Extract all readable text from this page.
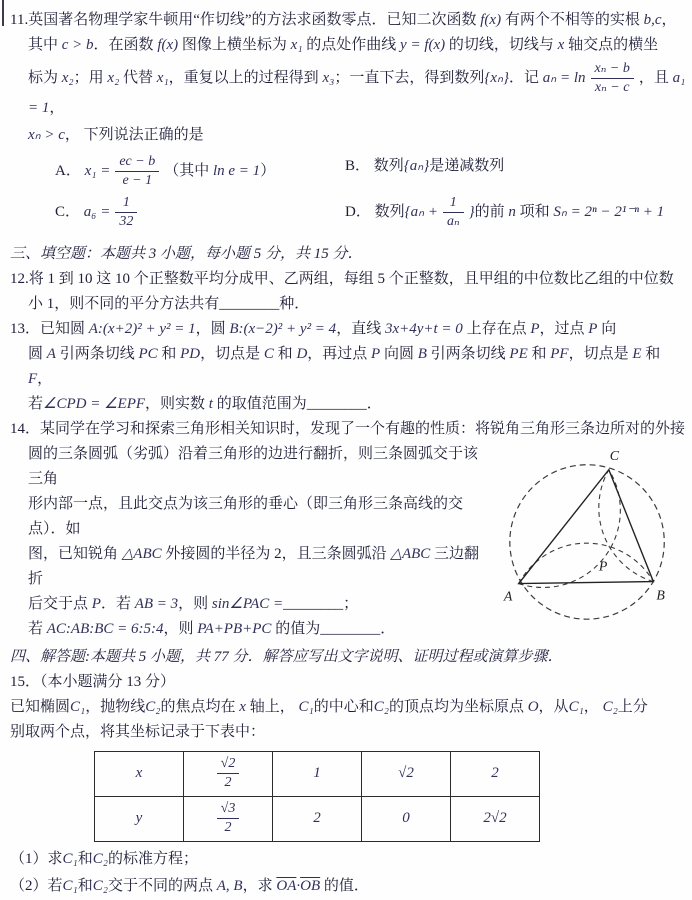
11.英国著名物理学家牛顿用“作切线”的方法求函数零点．已知二次函数 f(x) 有两个不相等的实根 b,c，
其中 c > b．在函数 f(x) 图像上横坐标为 x₁ 的点处作曲线 y = f(x) 的切线，切线与 x 轴交点的横坐
标为 x₂；用 x₂ 代替 x₁，重复以上的过程得到 x₃；一直下去，得到数列{xₙ}．记 $a_n = \ln \frac{\text{xₙ − b}}{\text{xₙ − c}}$ ，且 a₁ = 1，
xₙ > c， 下列说法正确的是
A． $x_1 = \frac{ec - b}{e - 1}$ （其中 ln e = 1）	B． 数列{aₙ}是递减数列
C． $a_6 = \frac{1}{32}$	D． 数列{$a_n + \frac{1}{\text{aₙ}}$ }的前 n 项和 Sₙ = 2ⁿ − 2¹⁻ⁿ + 1
三、填空题：本题共 3 小题，每小题 5 分，共 15 分．
12.将 1 到 10 这 10 个正整数平均分成甲、乙两组，每组 5 个正整数，且甲组的中位数比乙组的中位数
小 1，则不同的平分方法共有________种．
13．已知圆 A:(x+2)² + y² = 1，圆 B:(x−2)² + y² = 4，直线 3x+4y+t = 0 上存在点 P，过点 P 向
圆 A 引两条切线 PC 和 PD，切点是 C 和 D，再过点 P 向圆 B 引两条切线 PE 和 PF，切点是 E 和 F，
若∠CPD = ∠EPF，则实数 t 的取值范围为________．
14．某同学在学习和探索三角形相关知识时，发现了一个有趣的性质：将锐角三角形三条边所对的外接
A	B
C
P
圆的三条圆弧（劣弧）沿着三角形的边进行翻折，则三条圆弧交于该三角
形内部一点，且此交点为该三角形的垂心（即三角形三条高线的交点）．如
图，已知锐角 △ABC 外接圆的半径为 2，且三条圆弧沿 △ABC 三边翻折
后交于点 P．若 AB = 3，则 sin∠PAC =________；
若 AC:AB:BC = 6:5:4，则 PA+PB+PC 的值为________．
四、解答题:本题共 5 小题，共 77 分．解答应写出文字说明、证明过程或演算步骤．
15．（本小题满分 13 分）
已知椭圆C₁，抛物线C₂的焦点均在 x 轴上， C₁的中心和C₂的顶点均为坐标原点 O，从C₁， C₂上分
别取两个点，将其坐标记录于下表中：
x	$\frac{√2}{2}$	1	√2	2
y	$\frac{√3}{2}$	2	0	2√2
（1）求C₁和C₂的标准方程；
（2）若C₁和C₂交于不同的两点 A, B，求 $\overline{OA}\cdot\overline{OB}$ 的值．
